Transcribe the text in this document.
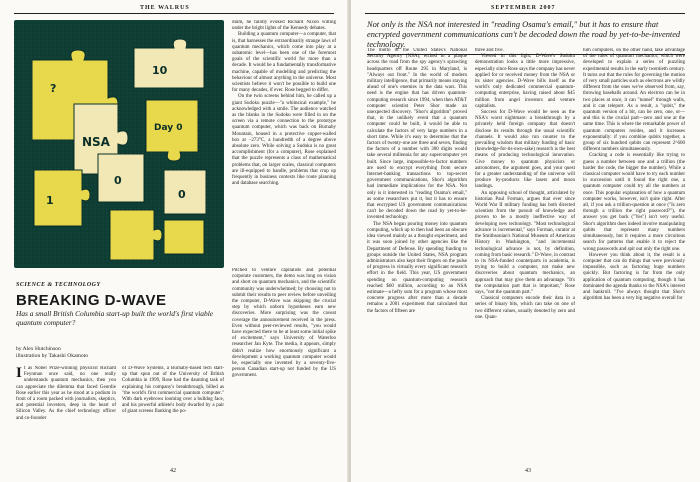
THE WALRUS
?
NSA
10
1
Day 0
0
0

dium, he faintly evoked Richard Nixon wilting under the bright lights of the Kennedy debates.

Building a quantum computer—a computer, that is, that harnesses the extraordinarily strange laws of quantum mechanics, which come into play at a subatomic level—has been one of the foremost goals of the scientific world for more than a decade. It would be a fundamentally transformative machine, capable of modelling and predicting the behaviour of almost anything in the universe. Most scientists believe it won't be possible to build one for many decades, if ever. Rose begged to differ.

On the twin screens behind him, he called up a giant Sudoku puzzle—"a whimsical example," he acknowledged with a smile. The audience watched as the blanks in the Sudoku were filled in on the screen via a remote connection to the prototype quantum computer, which was back on Burnaby Mountain, housed in a protective copper-walled box at −273°C, a hundredth of a degree above absolute zero. While solving a Sudoku is no great accomplishment (for a computer), Rose explained that the puzzle represents a class of mathematical problems that, on larger scales, classical computers are ill-equipped to handle, problems that crop up frequently in business contexts like route planning and database searching.

Pitched to venture capitalists and potential corporate customers, the demo was long on vision and short on quantum mechanics, and the scientific community was underwhelmed; by choosing not to submit their results to peer review before unveiling the computer, D-Wave was skipping the crucial step by which unborn hypotheses earn new discoveries. More surprising was the caveat coverage the announcement received in the press. Even without peer-reviewed results, "you would have expected there to be at least some initial spike of excitement," says University of Waterloo researcher Jan Kyte. The media, it appears, simply didn't realize how enormously significant a development a working quantum computer would be, especially one invented by a seventy-five-person Canadian start-up not funded by the US government.

SCIENCE & TECHNOLOGY
BREAKING D-WAVE
Has a small British Columbia start-up built the world's first viable quantum computer?
by Alex Hutchinson
illustration by Takashi Okamoto
I f as Nobel Prize-winning physicist Richard Feynman once said, no one really understands quantum mechanics, then you can appreciate the dilemma that faced Geordie Rose earlier this year as he stood at a podium in front of a room packed with journalists, skeptics, and potential investors, deep in the heart of Silicon Valley. As the chief technology officer and co-founder

of D-Wave Systems, a Burnaby-based tech start-up that spun out of the University of British Columbia in 1999, Rose had the daunting task of explaining his company's breakthrough, billed as "the world's first commercial quantum computer." With dark eyebrows looming over a bulldog face, and his powerful athlete's body dwarfed by a pair of giant screens flanking the po-

42
SEPTEMBER 2007
Not only is the NSA not interested in "reading Osama's email," but it has to ensure that encrypted government communications can't be decoded down the road by yet-to-be-invented technology.

The motto of the United States's National Security Agency (NSA), etched in a plaque across the road from the spy agency's sprawling headquarters off Route 295 in Maryland, is "Always out front." In the world of modern military intelligence, that primarily means staying ahead of one's enemies in the data wars. This need is the engine that has driven quantum-computing research since 1994, when then AT&T computer scientist Peter Shor made an unexpected discovery. "Shor's algorithm" proved that, in the unlikely event that a quantum computer could be built, it would be able to calculate the factors of very large numbers in a short time. While it's easy to determine that the factors of twenty-one are three and seven, finding the factors of a number with 300 digits would take several millennia for any supercomputer yet built. Since large, impossible-to-factor numbers are used to encrypt everything from secure Internet-banking transactions to top-secret government communications, Shor's algorithm had immediate implications for the NSA. Not only is it interested in "reading Osama's email," as some researchers put it, but it has to ensure that encrypted US government communications can't be decoded down the road by yet-to-be-invented technology.

The NSA began pouring money into quantum computing, which up to then had been an obscure idea viewed mainly as a thought experiment, and it was soon joined by other agencies like the Department of Defense. By spending funding to groups outside the United States, NSA program administrators also kept their fingers on the pulse of progress in virtually every significant research effort in the field. This year, US government spending on quantum-computing research reached $60 million, according to an NSA estimate—a hefty sum for a program whose most concrete progress after more than a decade remains a 2001 experiment that calculated that the factors of fifteen are

three and five.

Viewed in this light, D-Wave's Sudoku demonstration looks a little more impressive, especially since Rose says the company has never applied for or received money from the NSA or its sister agencies. D-Wave bills itself as the world's only dedicated commercial quantum-computing enterprise, having raised about $45 million from angel investors and venture capitalists.

Success for D-Wave would be seen as the NSA's worst nightmare: a breakthrough by a privately held foreign company that doesn't disclose its results through the usual scientific channels. It would also run counter to the prevailing wisdom that military funding of basic (knowledge-for-its-own-sake) research is the best means of producing technological innovation. Give money to quantum physicists or astronomers, the argument goes, and your quest for a greater understanding of the universe will produce by-products like lasers and moon landings.

An opposing school of thought, articulated by historian Paul Forman, argues that ever since World War II military funding has both directed scientists from the pursuit of knowledge and proven to be a mostly ineffective way of developing new technology. "Most technological advance is incremental," says Forman, curator at the Smithsonian's National Museum of American History in Washington, "and incremental technological advance is not, by definition, coming from basic research." D-Wave, in contrast to its NSA-funded counterparts in academia, is trying to build a computer, not make new discoveries about quantum mechanics, an approach that may give them an advantage. "It's the computation part that is important," Rose says, "not the quantum part."

Classical computers encode their data in a series of binary bits, which can take on one of two different values, usually denoted by zero and one. Quan-

tum computers, on the other hand, take advantage of the rules of quantum mechanics, which were developed to explain a series of puzzling experimental results in the early twentieth century. It turns out that the rules for governing the motion of very small particles such as electrons are wildly different from the ones we've observed from, say, throwing baseballs around. An electron can be in two places at once, it can "tunnel" through walls, and it can teleport. As a result, a "qubit," the quantum version of a bit, can be zero, one, or—and this is the crucial part—zero and one at the same time. This is where the remarkable power of quantum computers resides, and it increases exponentially: if you combine qubits together, a group of six hundred qubits can represent 2^600 different numbers simultaneously.

Cracking a code is essentially like trying to guess a number between one and a trillion (the harder the code, the bigger the number). While a classical computer would have to try each number in succession until it found the right one, a quantum computer could try all the numbers at once. This popular explanation of how a quantum computer works, however, isn't quite right. After all, if you ask a trillion-question at once ("Is zero through a trillion the right password?"), the answer you get back ("Yes") isn't very useful. Shor's algorithm does indeed involve manipulating qubits that represent many numbers simultaneously, but it requires a more circuitous search for patterns that enable it to reject the wrong passwords and spit out only the right one.

However you think about it, the result is a computer that can do things that were previously impossible, such as factoring huge numbers quickly. But factoring is far from the only application of quantum computing, though it has dominated the agenda thanks to the NSA's interest and bankroll. "I've always thought that Shor's algorithm has been a very big negative overall for

43
